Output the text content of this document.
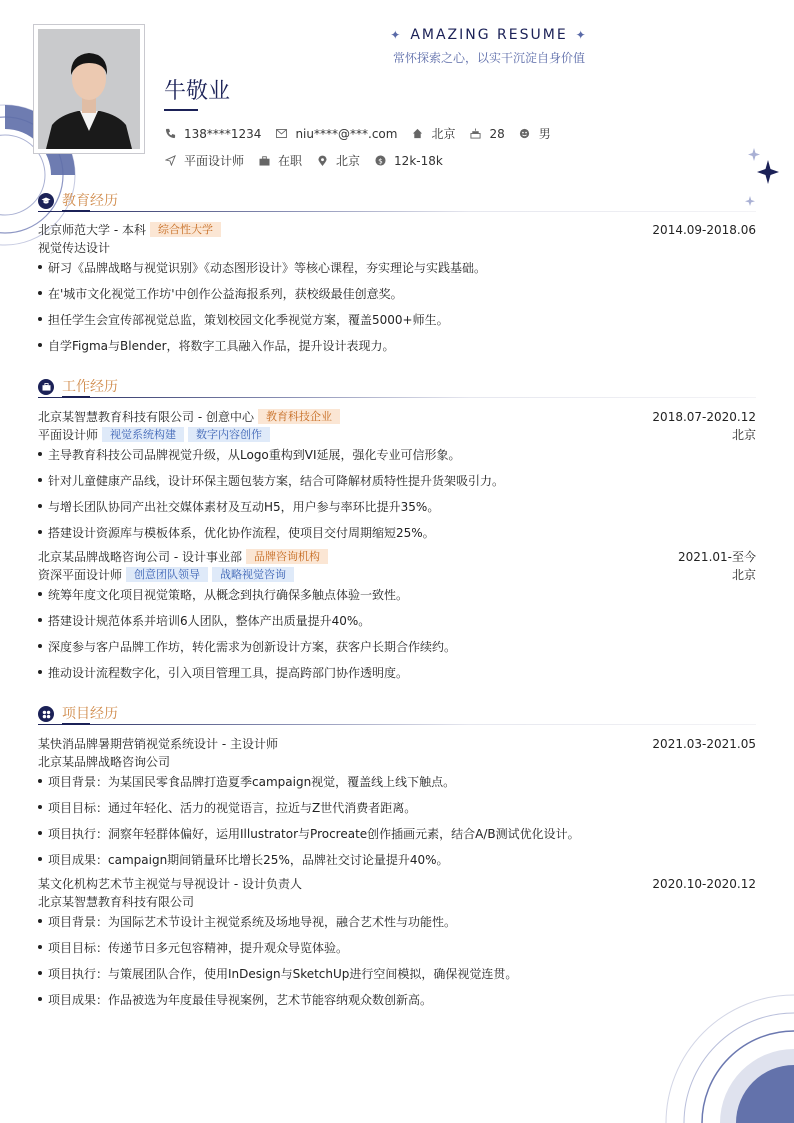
✦ AMAZING RESUME ✦
常怀探索之心，以实干沉淀自身价值
牛敬业
138****1234	niu****@***.com	北京	28	男
平面设计师	在职	北京 $ 12k-18k
教育经历
北京师范大学 - 本科 综合性大学	2014.09-2018.06
视觉传达设计
研习《品牌战略与视觉识别》《动态图形设计》等核心课程，夯实理论与实践基础。
在'城市文化视觉工作坊'中创作公益海报系列，获校级最佳创意奖。
担任学生会宣传部视觉总监，策划校园文化季视觉方案，覆盖5000+师生。
自学Figma与Blender，将数字工具融入作品，提升设计表现力。
工作经历
北京某智慧教育科技有限公司 - 创意中心 教育科技企业	2018.07-2020.12
平面设计师 视觉系统构建 数字内容创作	北京
主导教育科技公司品牌视觉升级，从Logo重构到VI延展，强化专业可信形象。
针对儿童健康产品线，设计环保主题包装方案，结合可降解材质特性提升货架吸引力。
与增长团队协同产出社交媒体素材及互动H5，用户参与率环比提升35%。
搭建设计资源库与模板体系，优化协作流程，使项目交付周期缩短25%。
北京某品牌战略咨询公司 - 设计事业部 品牌咨询机构	2021.01-至今
资深平面设计师 创意团队领导 战略视觉咨询	北京
统筹年度文化项目视觉策略，从概念到执行确保多触点体验一致性。
搭建设计规范体系并培训6人团队，整体产出质量提升40%。
深度参与客户品牌工作坊，转化需求为创新设计方案，获客户长期合作续约。
推动设计流程数字化，引入项目管理工具，提高跨部门协作透明度。
项目经历
某快消品牌暑期营销视觉系统设计 - 主设计师	2021.03-2021.05
北京某品牌战略咨询公司
项目背景：为某国民零食品牌打造夏季campaign视觉，覆盖线上线下触点。
项目目标：通过年轻化、活力的视觉语言，拉近与Z世代消费者距离。
项目执行：洞察年轻群体偏好，运用Illustrator与Procreate创作插画元素，结合A/B测试优化设计。
项目成果：campaign期间销量环比增长25%，品牌社交讨论量提升40%。
某文化机构艺术节主视觉与导视设计 - 设计负责人	2020.10-2020.12
北京某智慧教育科技有限公司
项目背景：为国际艺术节设计主视觉系统及场地导视，融合艺术性与功能性。
项目目标：传递节日多元包容精神，提升观众导览体验。
项目执行：与策展团队合作，使用InDesign与SketchUp进行空间模拟，确保视觉连贯。
项目成果：作品被选为年度最佳导视案例，艺术节能容纳观众数创新高。
